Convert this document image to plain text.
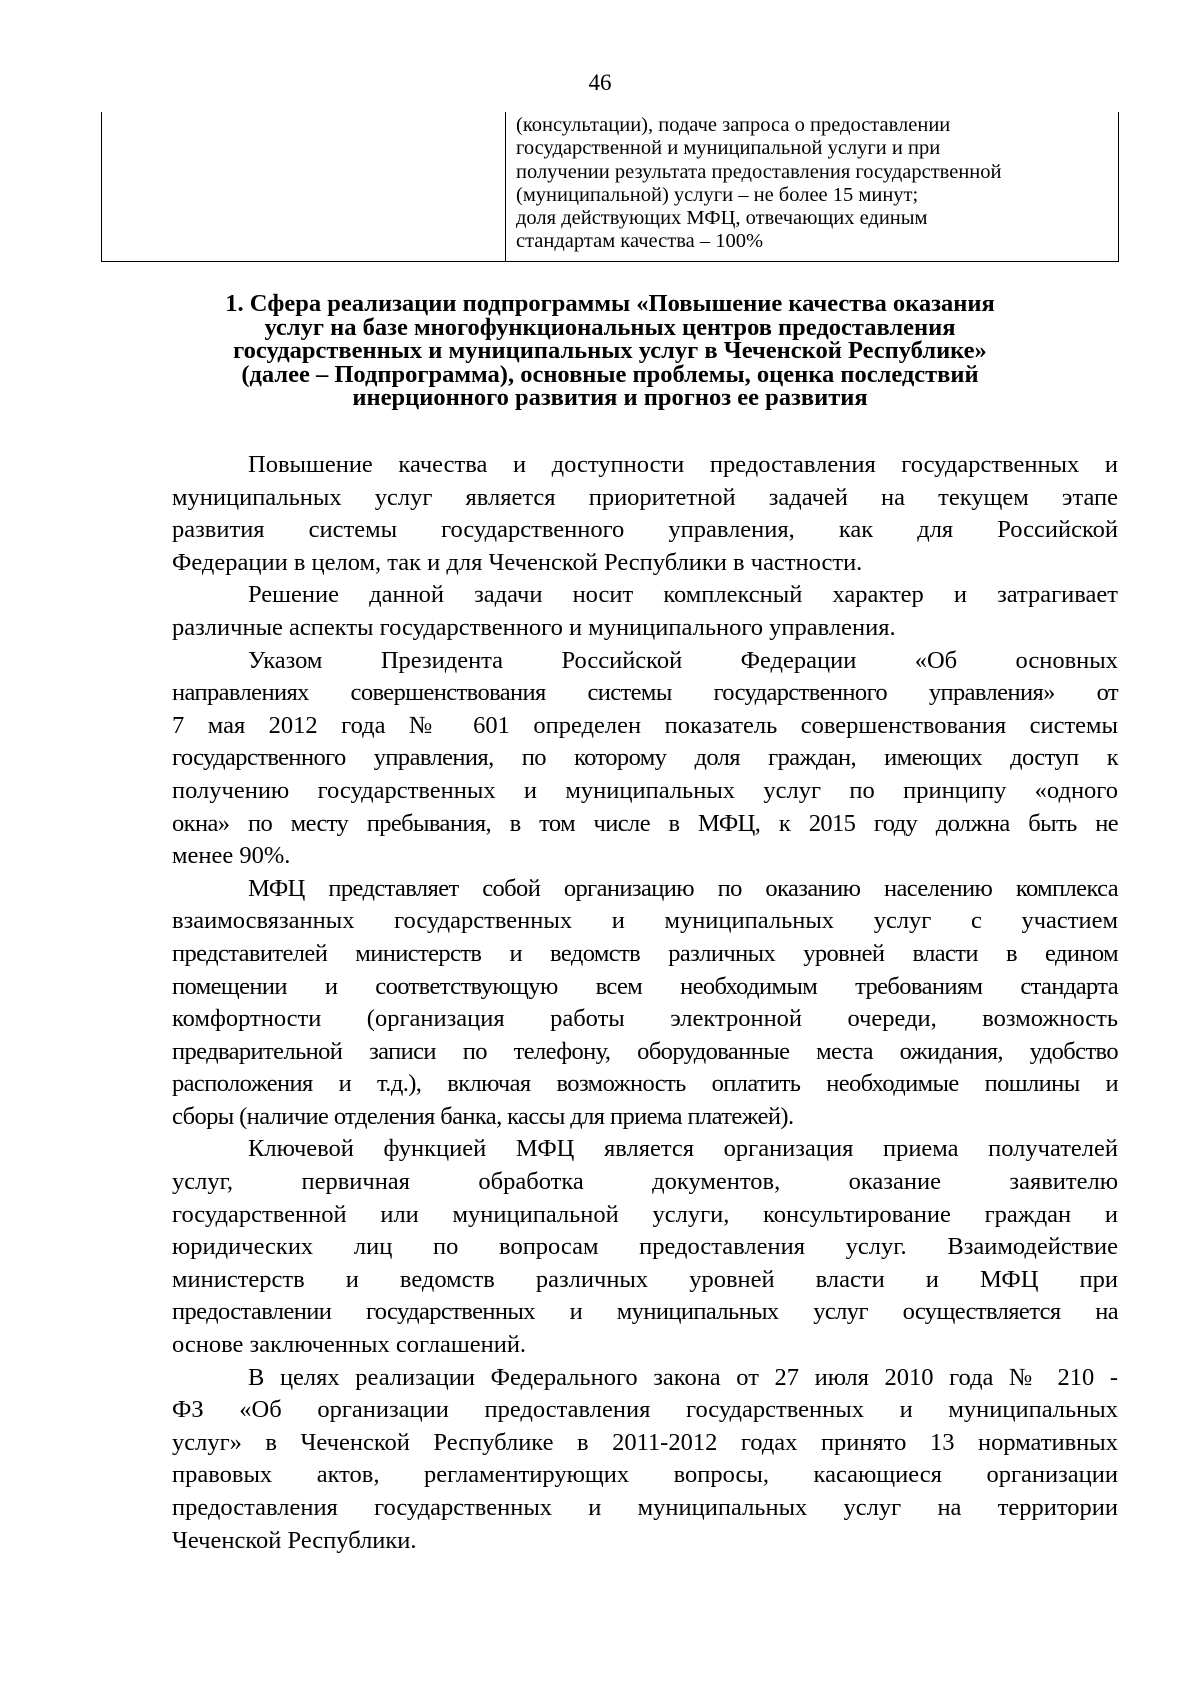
46

(консультации), подаче запроса о предоставлении
государственной и муниципальной услуги и при
получении результата предоставления государственной
(муниципальной) услуги – не более 15 минут;
доля действующих МФЦ, отвечающих единым
стандартам качества – 100%
1. Сфера реализации подпрограммы «Повышение качества оказания
услуг на базе многофункциональных центров предоставления
государственных и муниципальных услуг в Чеченской Республике»
(далее – Подпрограмма), основные проблемы, оценка последствий
инерционного развития и прогноз ее развития

Повышение качества и доступности предоставления государственных и
муниципальных услуг является приоритетной задачей на текущем этапе
развития системы государственного управления, как для Российской
Федерации в целом, так и для Чеченской Республики в частности.

Решение данной задачи носит комплексный характер и затрагивает
различные аспекты государственного и муниципального управления.

Указом Президента Российской Федерации «Об основных
направлениях совершенствования системы государственного управления» от
7 мая 2012 года № 601 определен показатель совершенствования системы
государственного управления, по которому доля граждан, имеющих доступ к
получению государственных и муниципальных услуг по принципу «одного
окна» по месту пребывания, в том числе в МФЦ, к 2015 году должна быть не
менее 90%.

МФЦ представляет собой организацию по оказанию населению комплекса
взаимосвязанных государственных и муниципальных услуг с участием
представителей министерств и ведомств различных уровней власти в едином
помещении и соответствующую всем необходимым требованиям стандарта
комфортности (организация работы электронной очереди, возможность
предварительной записи по телефону, оборудованные места ожидания, удобство
расположения и т.д.), включая возможность оплатить необходимые пошлины и
сборы (наличие отделения банка, кассы для приема платежей).

Ключевой функцией МФЦ является организация приема получателей
услуг, первичная обработка документов, оказание заявителю
государственной или муниципальной услуги, консультирование граждан и
юридических лиц по вопросам предоставления услуг. Взаимодействие
министерств и ведомств различных уровней власти и МФЦ при
предоставлении государственных и муниципальных услуг осуществляется на
основе заключенных соглашений.

В целях реализации Федерального закона от 27 июля 2010 года № 210 -
ФЗ «Об организации предоставления государственных и муниципальных
услуг» в Чеченской Республике в 2011-2012 годах принято 13 нормативных
правовых актов, регламентирующих вопросы, касающиеся организации
предоставления государственных и муниципальных услуг на территории
Чеченской Республики.
